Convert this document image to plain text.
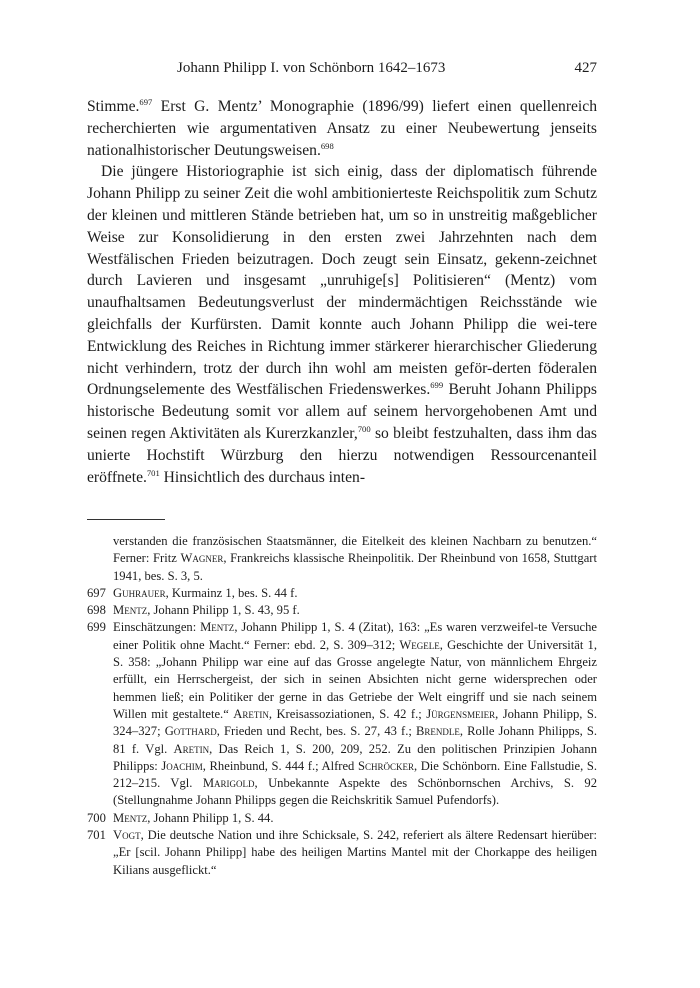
Johann Philipp I. von Schönborn 1642–1673	427

Stimme.$^{697}$ Erst G. Mentz’ Monographie (1896/99) liefert einen quellenreich recherchierten wie argumentativen Ansatz zu einer Neubewertung jenseits nationalhistorischer Deutungsweisen.$^{698}$

Die jüngere Historiographie ist sich einig, dass der diplomatisch führende Johann Philipp zu seiner Zeit die wohl ambitionierteste Reichspolitik zum Schutz der kleinen und mittleren Stände betrieben hat, um so in unstreitig maßgeblicher Weise zur Konsolidierung in den ersten zwei Jahrzehnten nach dem Westfälischen Frieden beizutragen. Doch zeugt sein Einsatz, gekenn-zeichnet durch Lavieren und insgesamt „unruhige[s] Politisieren“ (Mentz) vom unaufhaltsamen Bedeutungsverlust der mindermächtigen Reichsstände wie gleichfalls der Kurfürsten. Damit konnte auch Johann Philipp die wei-tere Entwicklung des Reiches in Richtung immer stärkerer hierarchischer Gliederung nicht verhindern, trotz der durch ihn wohl am meisten geför-derten föderalen Ordnungselemente des Westfälischen Friedenswerkes.$^{699}$ Beruht Johann Philipps historische Bedeutung somit vor allem auf seinem hervorgehobenen Amt und seinen regen Aktivitäten als Kurerzkanzler,$^{700}$ so bleibt festzuhalten, dass ihm das unierte Hochstift Würzburg den hierzu notwendigen Ressourcenanteil eröffnete.$^{701}$ Hinsichtlich des durchaus inten-

verstanden die französischen Staatsmänner, die Eitelkeit des kleinen Nachbarn zu benutzen.“ Ferner: Fritz Wagner, Frankreichs klassische Rheinpolitik. Der Rheinbund von 1658, Stuttgart 1941, bes. S. 3, 5.
697 Guhrauer, Kurmainz 1, bes. S. 44 f.
698 Mentz, Johann Philipp 1, S. 43, 95 f.
699 Einschätzungen: Mentz, Johann Philipp 1, S. 4 (Zitat), 163: „Es waren verzweifel-te Versuche einer Politik ohne Macht.“ Ferner: ebd. 2, S. 309–312; Wegele, Geschichte der Universität 1, S. 358: „Johann Philipp war eine auf das Grosse angelegte Natur, von männlichem Ehrgeiz erfüllt, ein Herrschergeist, der sich in seinen Absichten nicht gerne widersprechen oder hemmen ließ; ein Politiker der gerne in das Getriebe der Welt eingriff und sie nach seinem Willen mit gestaltete.“ Aretin, Kreisassoziationen, S. 42 f.; Jürgensmeier, Johann Philipp, S. 324–327; Gotthard, Frieden und Recht, bes. S. 27, 43 f.; Brendle, Rolle Johann Philipps, S. 81 f. Vgl. Aretin, Das Reich 1, S. 200, 209, 252. Zu den politischen Prinzipien Johann Philipps: Joachim, Rheinbund, S. 444 f.; Alfred Schröcker, Die Schönborn. Eine Fallstudie, S. 212–215. Vgl. Marigold, Unbekannte Aspekte des Schönbornschen Archivs, S. 92 (Stellungnahme Johann Philipps gegen die Reichskritik Samuel Pufendorfs).
700 Mentz, Johann Philipp 1, S. 44.
701 Vogt, Die deutsche Nation und ihre Schicksale, S. 242, referiert als ältere Redensart hierüber: „Er [scil. Johann Philipp] habe des heiligen Martins Mantel mit der Chorkappe des heiligen Kilians ausgeflickt.“
